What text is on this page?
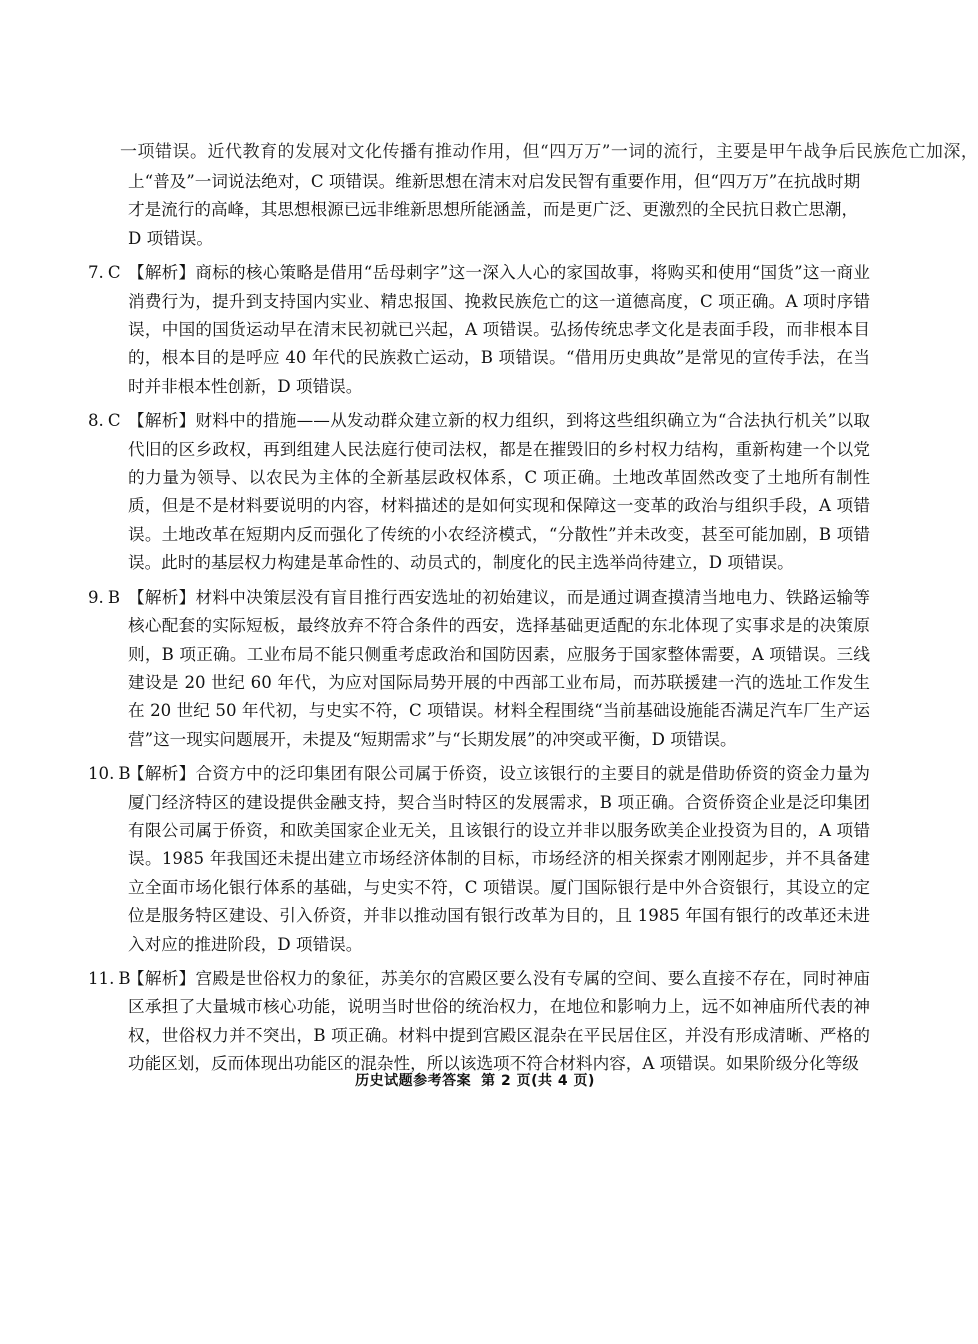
一项错误。近代教育的发展对文化传播有推动作用，但“四万万”一词的流行，主要是甲午战争后民族危亡加深，
上“普及”一词说法绝对，C 项错误。维新思想在清末对启发民智有重要作用，但“四万万”在抗战时期才是流行的高峰，其思想根源已远非维新思想所能涵盖，而是更广泛、更激烈的全民抗日救亡思潮，D 项错误。
7. C 【解析】商标的核心策略是借用“岳母刺字”这一深入人心的家国故事，将购买和使用“国货”这一商业消费行为，提升到支持国内实业、精忠报国、挽救民族危亡的这一道德高度，C 项正确。A 项时序错误，中国的国货运动早在清末民初就已兴起，A 项错误。弘扬传统忠孝文化是表面手段，而非根本目的，根本目的是呼应 40 年代的民族救亡运动，B 项错误。“借用历史典故”是常见的宣传手法，在当时并非根本性创新，D 项错误。
8. C 【解析】财料中的措施——从发动群众建立新的权力组织，到将这些组织确立为“合法执行机关”以取代旧的区乡政权，再到组建人民法庭行使司法权，都是在摧毁旧的乡村权力结构，重新构建一个以党的力量为领导、以农民为主体的全新基层政权体系，C 项正确。土地改革固然改变了土地所有制性质，但是不是材料要说明的内容，材料描述的是如何实现和保障这一变革的政治与组织手段，A 项错误。土地改革在短期内反而强化了传统的小农经济模式，“分散性”并未改变，甚至可能加剧，B 项错误。此时的基层权力构建是革命性的、动员式的，制度化的民主选举尚待建立，D 项错误。
9. B 【解析】材料中决策层没有盲目推行西安选址的初始建议，而是通过调查摸清当地电力、铁路运输等核心配套的实际短板，最终放弃不符合条件的西安，选择基础更适配的东北体现了实事求是的决策原则，B 项正确。工业布局不能只侧重考虑政治和国防因素，应服务于国家整体需要，A 项错误。三线建设是 20 世纪 60 年代，为应对国际局势开展的中西部工业布局，而苏联援建一汽的选址工作发生在 20 世纪 50 年代初，与史实不符，C 项错误。材料全程围绕“当前基础设施能否满足汽车厂生产运营”这一现实问题展开，未提及“短期需求”与“长期发展”的冲突或平衡，D 项错误。
10. B
【解析】合资方中的泛印集团有限公司属于侨资，设立该银行的主要目的就是借助侨资的资金力量为厦门经济特区的建设提供金融支持，契合当时特区的发展需求，B 项正确。合资侨资企业是泛印集团有限公司属于侨资，和欧美国家企业无关，且该银行的设立并非以服务欧美企业投资为目的，A 项错误。1985 年我国还未提出建立市场经济体制的目标，市场经济的相关探索才刚刚起步，并不具备建立全面市场化银行体系的基础，与史实不符，C 项错误。厦门国际银行是中外合资银行，其设立的定位是服务特区建设、引入侨资，并非以推动国有银行改革为目的，且 1985 年国有银行的改革还未进入对应的推进阶段，D 项错误。
11. B
【解析】宫殿是世俗权力的象征，苏美尔的宫殿区要么没有专属的空间、要么直接不存在，同时神庙区承担了大量城市核心功能，说明当时世俗的统治权力，在地位和影响力上，远不如神庙所代表的神权，世俗权力并不突出，B 项正确。材料中提到宫殿区混杂在平民居住区，并没有形成清晰、严格的功能区划，反而体现出功能区的混杂性，所以该选项不符合材料内容，A 项错误。如果阶级分化等级
历史试题参考答案 第 2 页(共 4 页)
